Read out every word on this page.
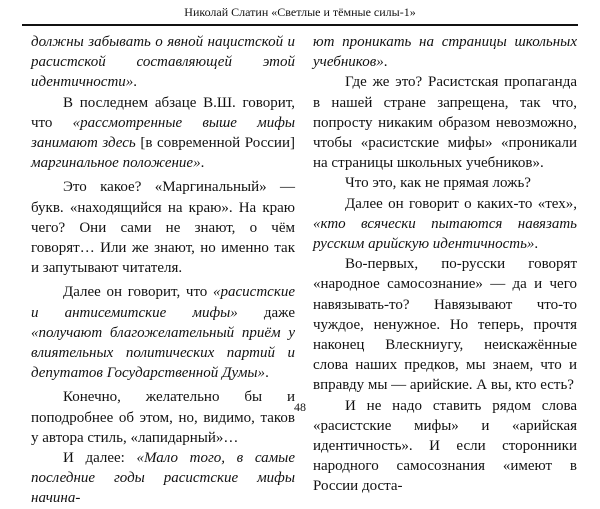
Николай Слатин «Светлые и тёмные силы-1»

должны забывать о явной нацистской и расистской составляющей этой идентичности».

В последнем абзаце В.Ш. говорит, что «рассмотренные выше мифы занимают здесь [в современной России] маргинальное положение».

Это какое? «Маргинальный» — букв. «находящийся на краю». На краю чего? Они сами не знают, о чём говорят… Или же знают, но именно так и запутывают читателя.

Далее он говорит, что «расистские и антисемитские мифы» даже «получают благожелательный приём у влиятельных политических партий и депутатов Государственной Думы».

Конечно, желательно бы и поподробнее об этом, но, видимо, таков у автора стиль, «лапидарный»…

И далее: «Мало того, в самые последние годы расистские мифы начина-

ют проникать на страницы школьных учебников».

Где же это? Расистская пропаганда в нашей стране запрещена, так что, попросту никаким образом невозможно, чтобы «расистские мифы» «проникали на страницы школьных учебников».

Что это, как не прямая ложь?

Далее он говорит о каких-то «тех», «кто всячески пытаются навязать русским арийскую идентичность».

Во-первых, по-русски говорят «народное самосознание» — да и чего навязывать-то? Навязывают что-то чуждое, ненужное. Но теперь, прочтя наконец Влескниугу, неискажённые слова наших предков, мы знаем, что и вправду мы — арийские. А вы, кто есть?

И не надо ставить рядом слова «расистские мифы» и «арийская идентичность». И если сторонники народного самосознания «имеют в России доста-

48
